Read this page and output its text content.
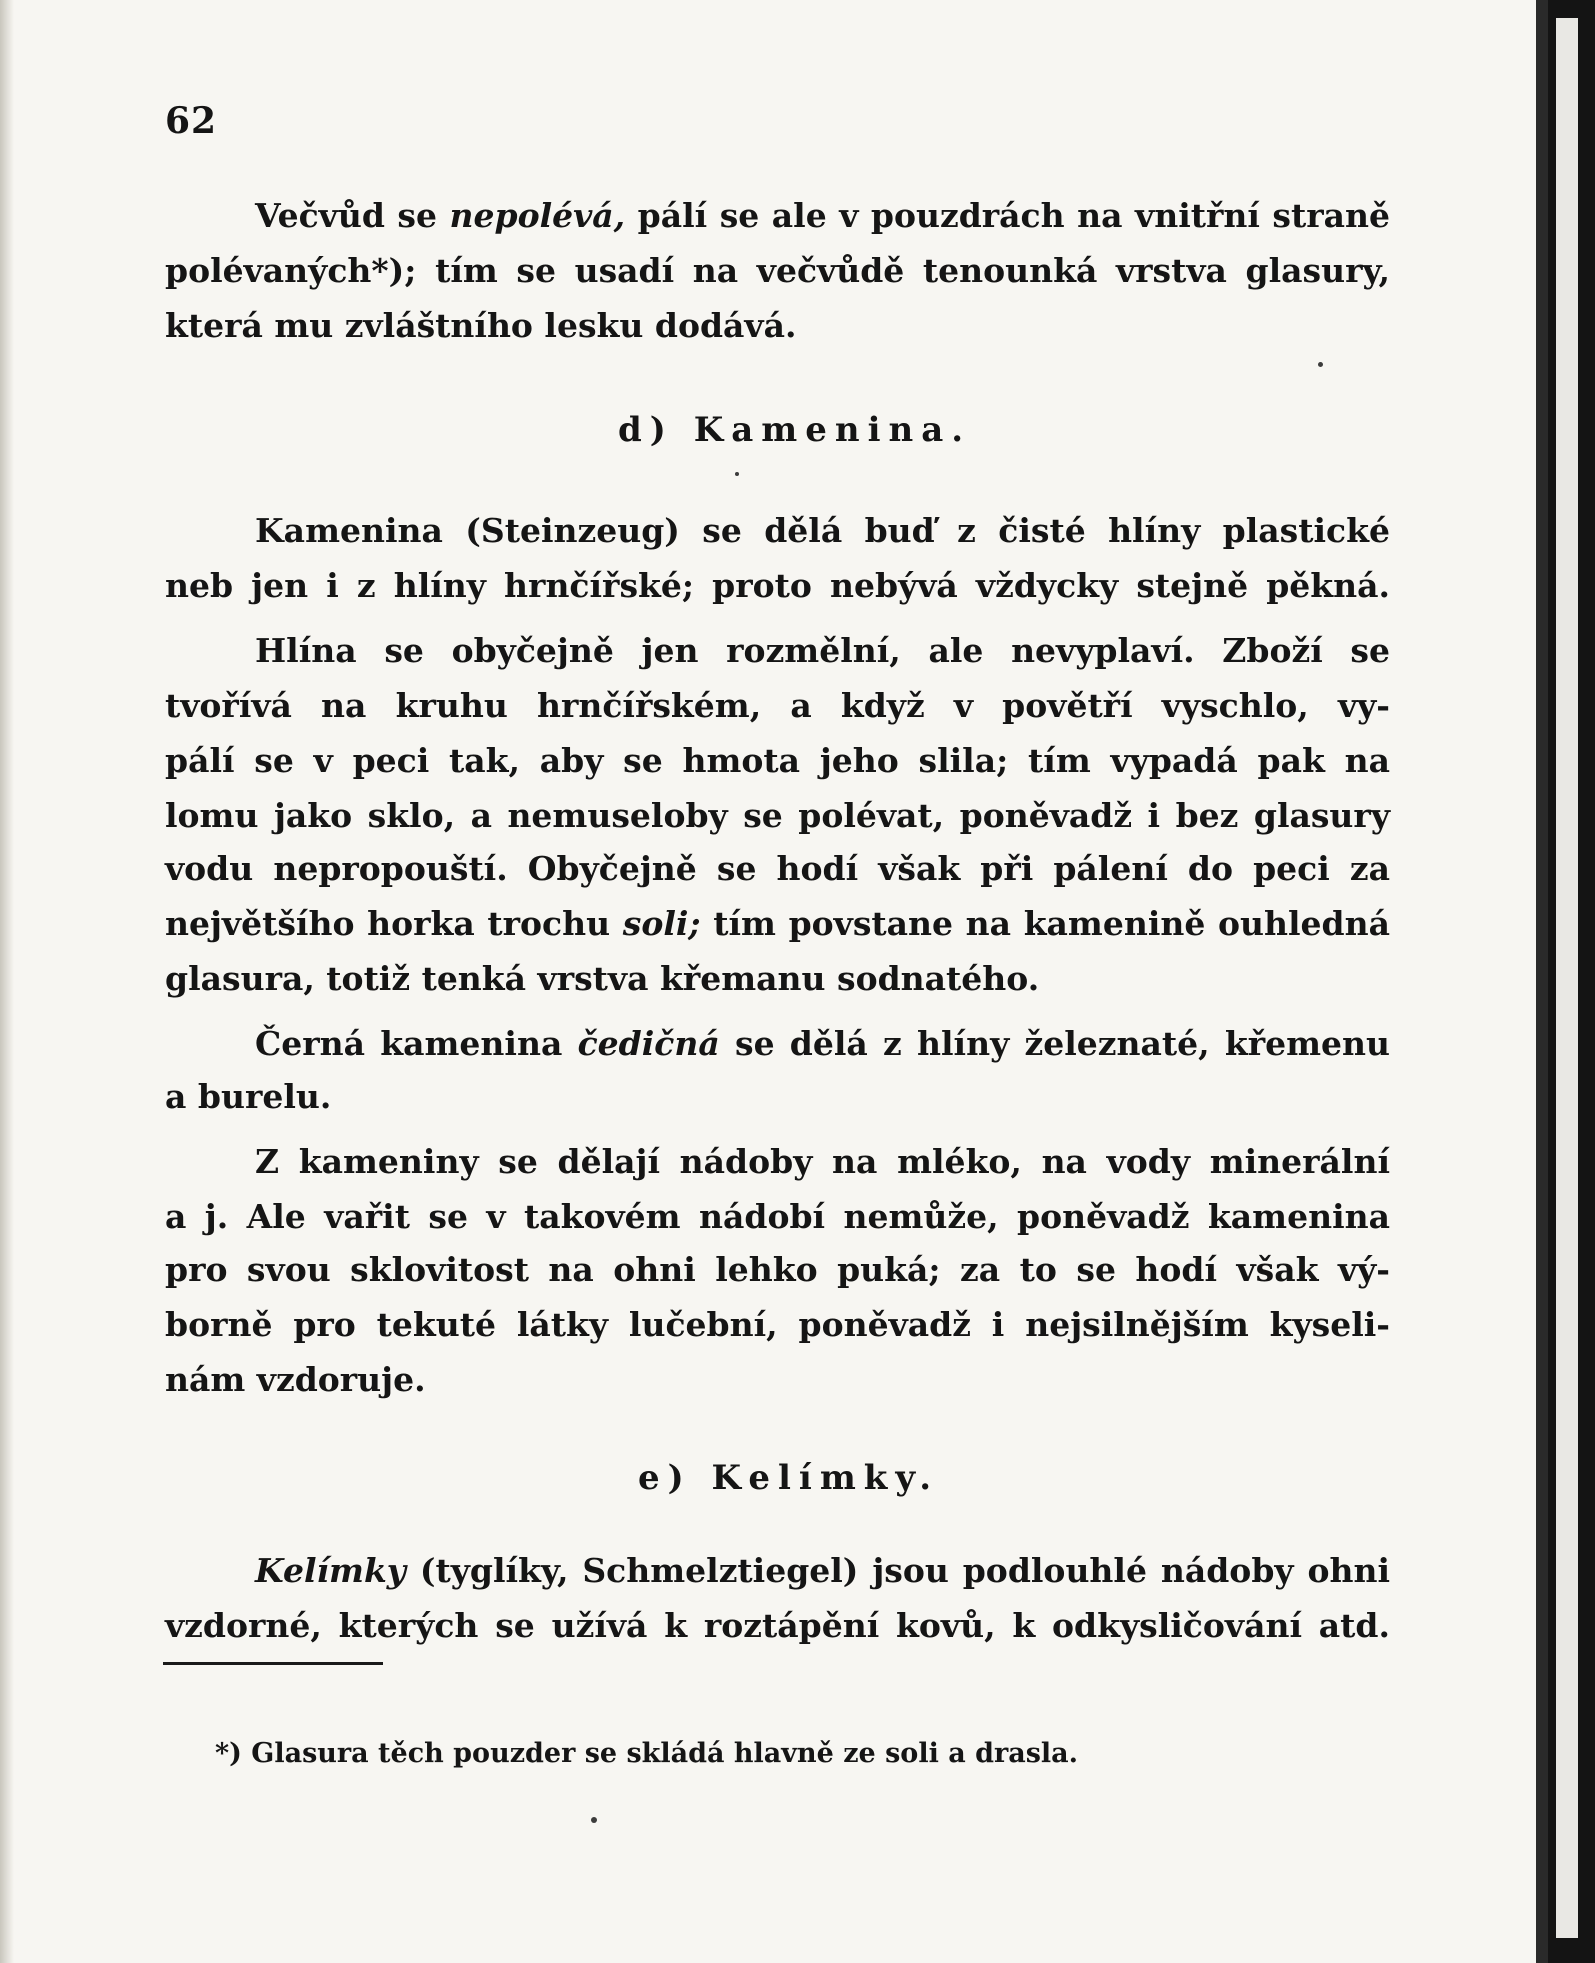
62
Večvůd se nepolévá, pálí se ale v pouzdrách na vnitřní straně
polévaných*); tím se usadí na večvůdě tenounká vrstva glasury,
která mu zvláštního lesku dodává.
d) Kamenina.
Kamenina (Steinzeug) se dělá buď z čisté hlíny plastické
neb jen i z hlíny hrnčířské; proto nebývá vždycky stejně pěkná.
Hlína se obyčejně jen rozmělní, ale nevyplaví. Zboží se
tvořívá na kruhu hrnčířském, a když v povětří vyschlo, vy-
pálí se v peci tak, aby se hmota jeho slila; tím vypadá pak na
lomu jako sklo, a nemuseloby se polévat, poněvadž i bez glasury
vodu nepropouští. Obyčejně se hodí však při pálení do peci za
největšího horka trochu soli; tím povstane na kamenině ouhledná
glasura, totiž tenká vrstva křemanu sodnatého.
Černá kamenina čedičná se dělá z hlíny železnaté, křemenu
a burelu.
Z kameniny se dělají nádoby na mléko, na vody minerální
a j. Ale vařit se v takovém nádobí nemůže, poněvadž kamenina
pro svou sklovitost na ohni lehko puká; za to se hodí však vý-
borně pro tekuté látky lučební, poněvadž i nejsilnějším kyseli-
nám vzdoruje.
e) Kelímky.
Kelímky (tyglíky, Schmelztiegel) jsou podlouhlé nádoby ohni
vzdorné, kterých se užívá k roztápění kovů, k odkysličování atd.
*) Glasura těch pouzder se skládá hlavně ze soli a drasla.
